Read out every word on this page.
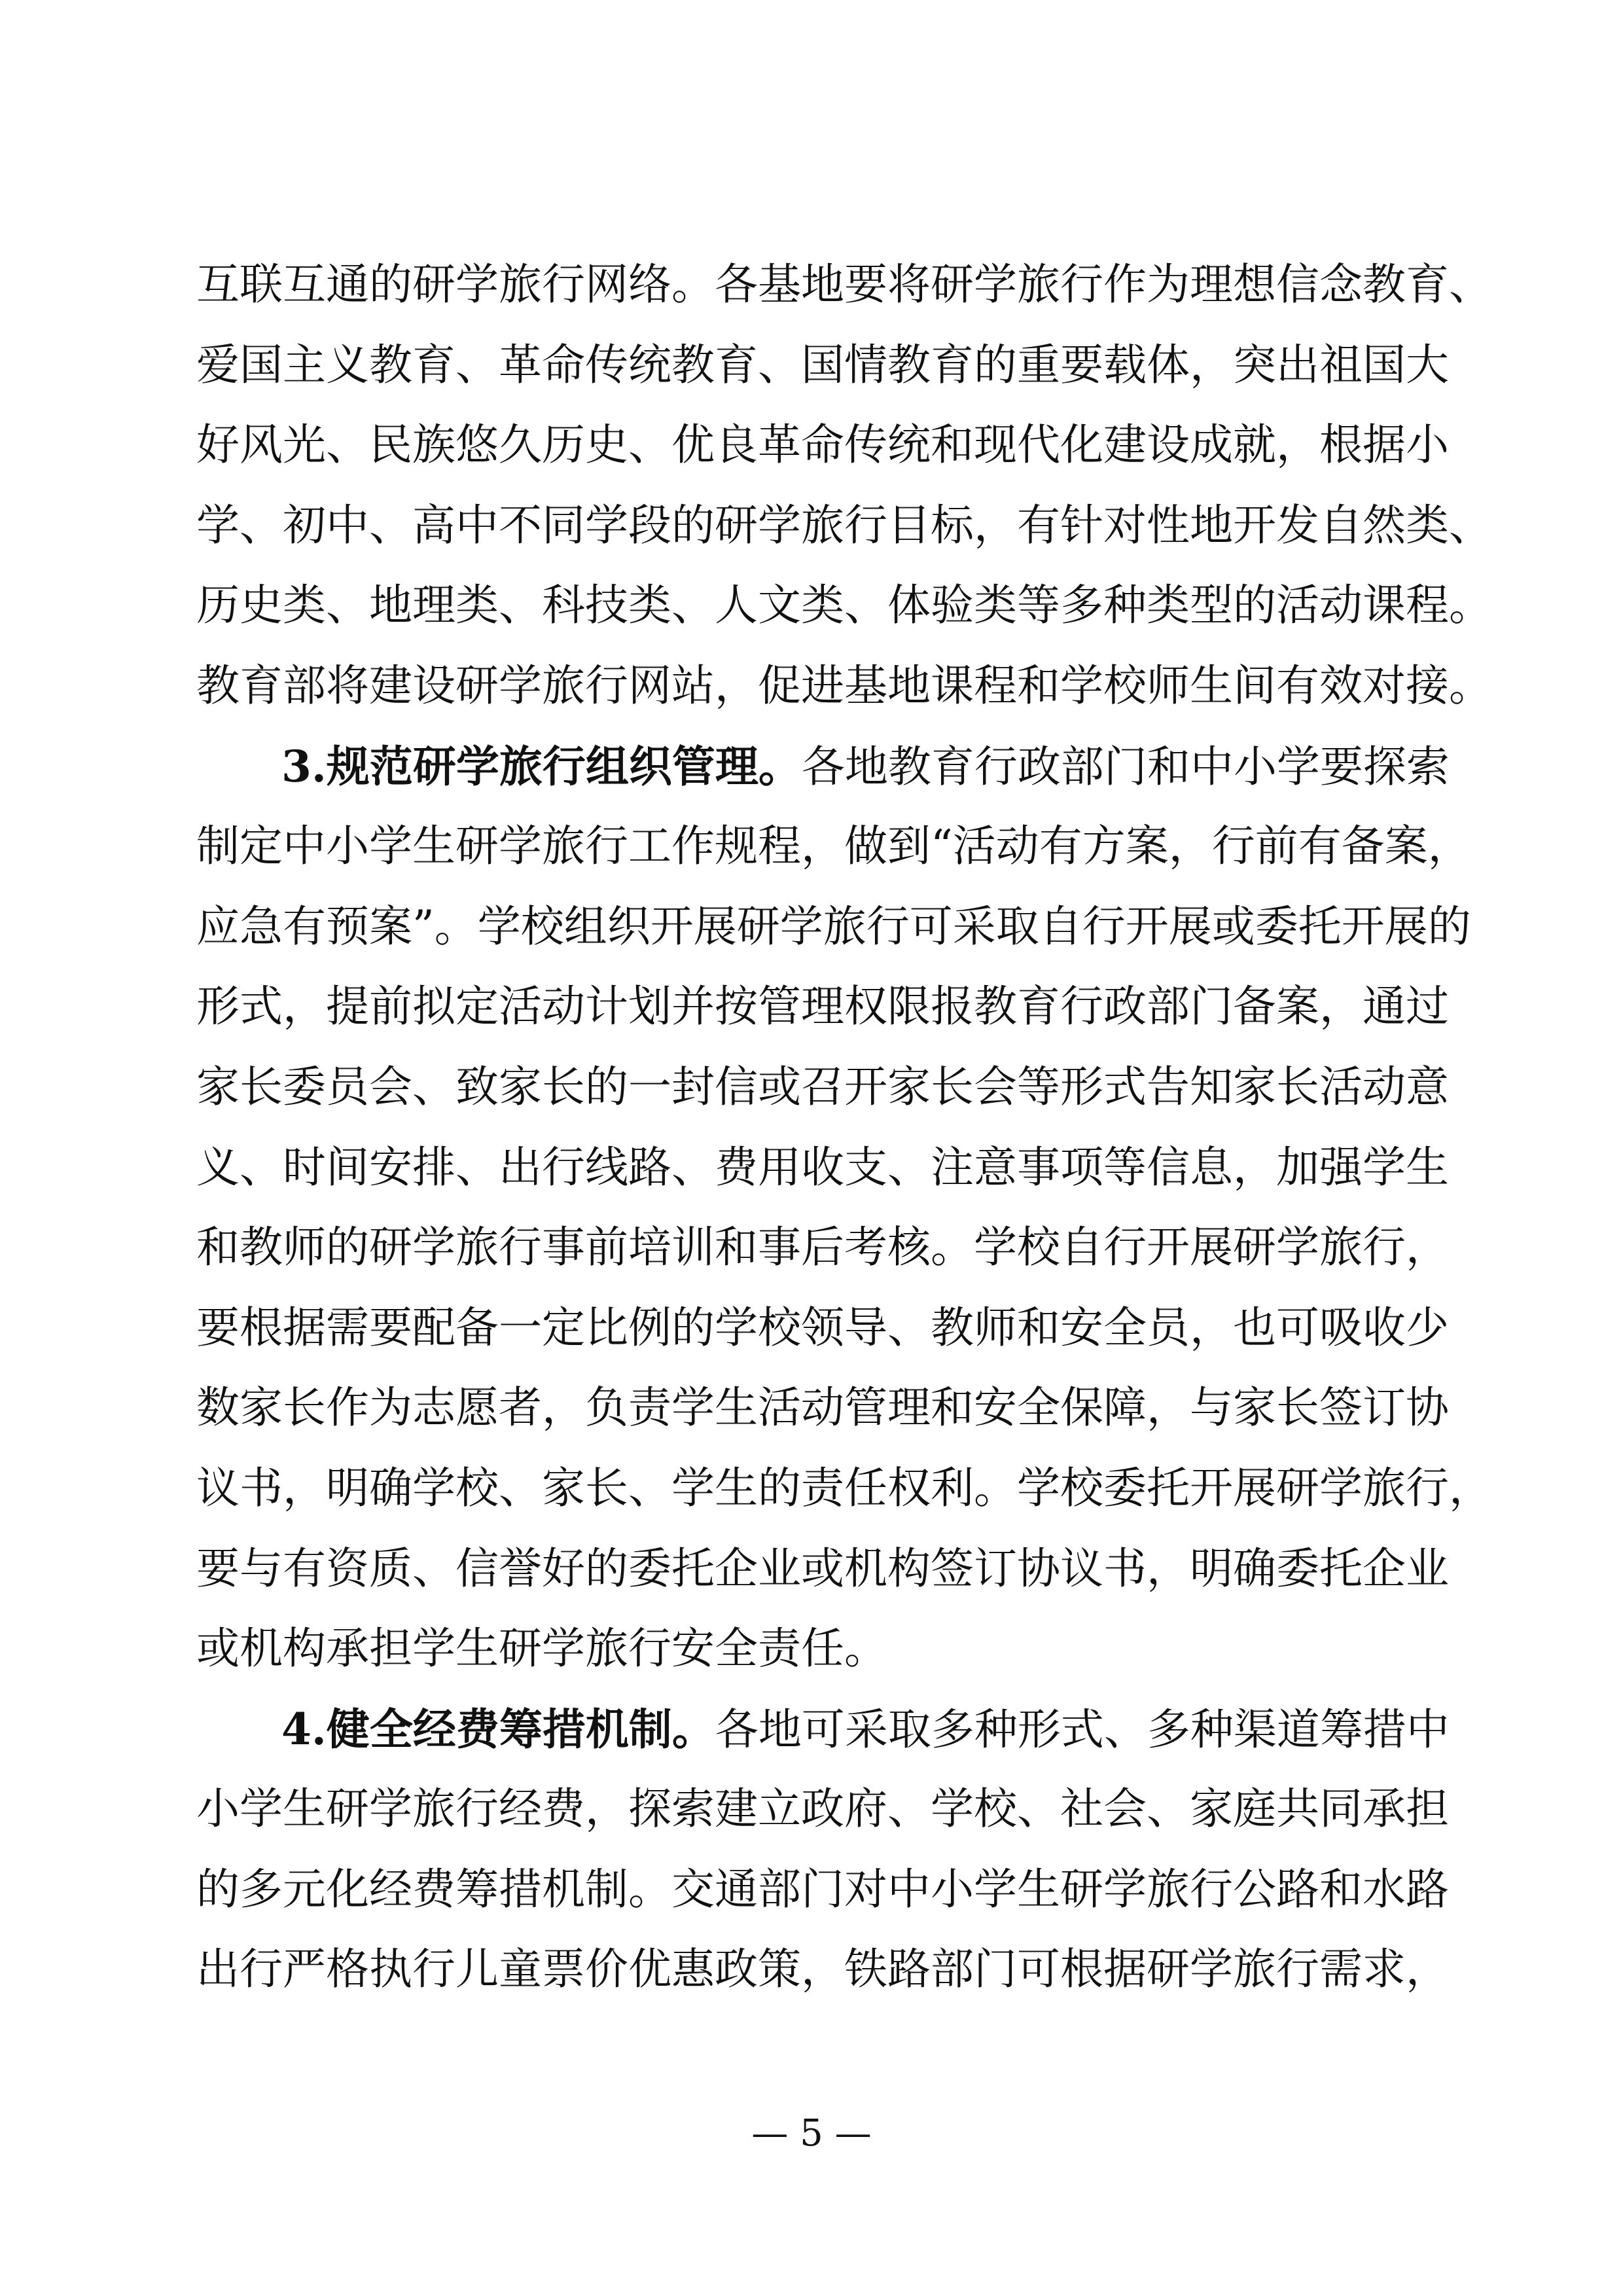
互联互通的研学旅行网络。各基地要将研学旅行作为理想信念教育、
爱国主义教育、革命传统教育、国情教育的重要载体，突出祖国大
好风光、民族悠久历史、优良革命传统和现代化建设成就，根据小
学、初中、高中不同学段的研学旅行目标，有针对性地开发自然类、
历史类、地理类、科技类、人文类、体验类等多种类型的活动课程。
教育部将建设研学旅行网站，促进基地课程和学校师生间有效对接。
3.规范研学旅行组织管理。各地教育行政部门和中小学要探索
制定中小学生研学旅行工作规程，做到“活动有方案，行前有备案，
应急有预案”。学校组织开展研学旅行可采取自行开展或委托开展的
形式，提前拟定活动计划并按管理权限报教育行政部门备案，通过
家长委员会、致家长的一封信或召开家长会等形式告知家长活动意
义、时间安排、出行线路、费用收支、注意事项等信息，加强学生
和教师的研学旅行事前培训和事后考核。学校自行开展研学旅行，
要根据需要配备一定比例的学校领导、教师和安全员，也可吸收少
数家长作为志愿者，负责学生活动管理和安全保障，与家长签订协
议书，明确学校、家长、学生的责任权利。学校委托开展研学旅行，
要与有资质、信誉好的委托企业或机构签订协议书，明确委托企业
或机构承担学生研学旅行安全责任。
4.健全经费筹措机制。各地可采取多种形式、多种渠道筹措中
小学生研学旅行经费，探索建立政府、学校、社会、家庭共同承担
的多元化经费筹措机制。交通部门对中小学生研学旅行公路和水路
出行严格执行儿童票价优惠政策，铁路部门可根据研学旅行需求，
— 5 —
